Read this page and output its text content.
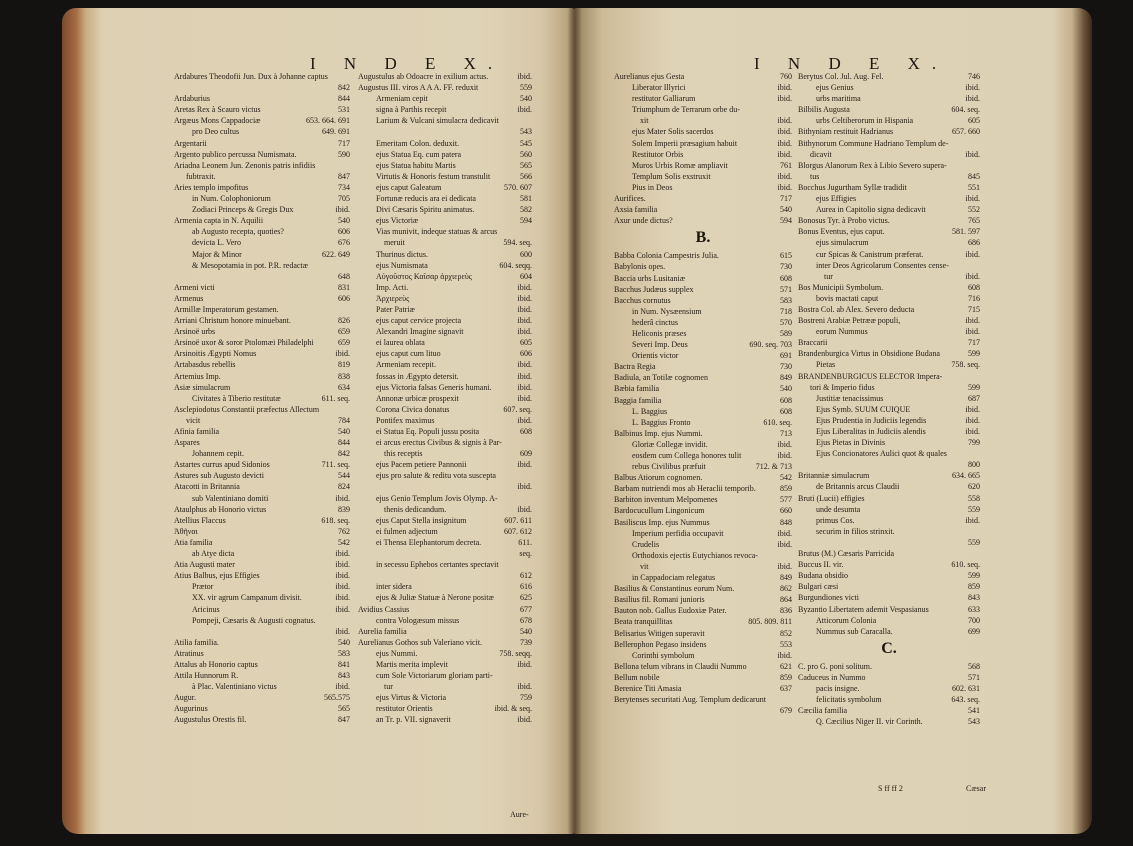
I N D E X.
Ardabures Theodofii Jun. Dux à Johanne captus
842
Ardaburius	844
Aretas Rex à Scauro victus	531
Argæus Mons Cappadociæ	653. 664. 691
pro Deo cultus	649. 691
Argentarii	717
Argento publico percussa Numismata.	590
Ariadna Leonem Jun. Zenonis patris infidiis
fubtraxit.	847
Aries templo impofitus	734
in Num. Colophoniorum	705
Zodiaci Princeps & Gregis Dux	ibid.
Armenia capta in N. Aquilii	540
ab Augusto recepta, quoties?	606
devicta L. Vero	676
Major & Minor	622. 649
& Mesopotamia in pot. P.R. redactæ
648
Armeni victi	831
Armenus	606
Armillæ Imperatorum gestamen.
Arriani Christum honore minuebant.	826
Arsinoë urbs	659
Arsinoë uxor & soror Ptolomæi Philadelphi	659
Arsinoitis Ægypti Nomus	ibid.
Artabasdus rebellis	819
Artemius Imp.	838
Asiæ simulacrum	634
Civitates à Tiberio restitutæ	611. seq.
Asclepiodotus Constantii præfectus Allectum
vicit	784
Afinia familia	540
Aspares	844
Johannem cepit.	842
Astartes currus apud Sidonios	711. seq.
Astures sub Augusto devicti	544
Atacotti in Britannia	824
sub Valentiniano domiti	ibid.
Ataulphus ab Honorio victus	839
Atellius Flaccus	618. seq.
Ἀθῆναι	762
Atia familia	542
ab Atye dicta	ibid.
Atia Augusti mater	ibid.
Atius Balbus, ejus Effigies	ibid.
Prætor	ibid.
XX. vir agrum Campanum divisit.	ibid.
Aricinus	ibid.
Pompeji, Cæsaris & Augusti cognatus.
ibid.
Atilia familia.	540
Atratinus	583
Attalus ab Honorio captus	841
Attila Hunnorum R.	843
à Plac. Valentiniano victus	ibid.
Augur.	565.575
Augurinus	565
Augustulus Orestis fil.	847
Augustulus ab Odoacre in exilium actus.	ibid.
Augustus III. viros A A A. FF. reduxit	559
Armeniam cepit	540
signa à Parthis recepit	ibid.
Larium & Vulcani simulacra dedicavit
543
Emeritam Colon. deduxit.	545
ejus Statua Eq. cum patera	560
ejus Statua habitu Martis	565
Virtutis & Honoris festum transtulit	566
ejus caput Galeatum	570. 607
Fortunæ reducis ara ei dedicata	581
Divi Cæsaris Spiritu animatus.	582
ejus Victoriæ	594
Vias munivit, indeque statuas & arcus
meruit	594. seq.
Thurinus dictus.	600
ejus Numismata	604. seqq.
Αὐγοῦστος Καῖσαρ ἀρχιερεὺς	604
Imp. Acti.	ibid.
Ἀρχιερεὺς	ibid.
Pater Patriæ	ibid.
ejus caput cervice projecta	ibid.
Alexandri Imagine signavit	ibid.
ei laurea oblata	605
ejus caput cum lituo	606
Armeniam recepit.	ibid.
fossas in Ægypto detersit.	ibid.
ejus Victoria falsas Generis humani.	ibid.
Annonæ urbicæ prospexit	ibid.
Corona Civica donatus	607. seq.
Pontifex maximus	ibid.
ei Statua Eq. Populi jussu posita	608
ei arcus erectus Civibus & signis à Par-
this receptis	609
ejus Pacem petiere Pannonii	ibid.
ejus pro salute & reditu vota suscepta
ibid.
ejus Genio Templum Jovis Olymp. A-
thenis dedicandum.	ibid.
ejus Caput Stella insignitum	607. 611
ei fulmen adjectum	607. 612
ei Thensa Elephantorum decreta.	611.
seq.
in secessu Ephebos certantes spectavit
612
inter sidera	616
ejus & Juliæ Statuæ à Nerone positæ	625
Avidius Cassius	677
contra Vologæsum missus	678
Aurelia familia	540
Aurelianus Gothos sub Valeriano vicit.	739
ejus Nummi.	758. seqq.
Martis merita implevit	ibid.
cum Sole Victoriarum gloriam parti-
tur	ibid.
ejus Virtus & Victoria	759
restitutor Orientis	ibid. & seq.
an Tr. p. VII. signaverit	ibid.
Aure-
I N D E X.
Aurelianus ejus Gesta	760
Liberator Illyrici	ibid.
restitutor Galliarum	ibid.
Triumphum de Terrarum orbe du-
xit	ibid.
ejus Mater Solis sacerdos	ibid.
Solem Imperii præsagium habuit	ibid.
Restitutor Orbis	ibid.
Muros Urbis Romæ ampliavit	761
Templum Solis exstruxit	ibid.
Pius in Deos	ibid.
Aurifices.	717
Axsia familia	540
Axur unde dictus?	594
B.
Babba Colonia Campestris Julia.	615
Babylonis opes.	730
Baccia urbs Lusitaniæ	608
Bacchus Judæus supplex	571
Bacchus cornutus	583
in Num. Nysæensium	718
hederâ cinctus	570
Heliconis præses	589
Severi Imp. Deus	690. seq. 703
Orientis victor	691
Bactra Regia	730
Badiula, an Totilæ cognomen	849
Bæbia familia	540
Baggia familia	608
L. Baggius	608
L. Baggius Fronto	610. seq.
Balbinus Imp. ejus Nummi.	713
Gloriæ Collegæ invidit.	ibid.
eosdem cum Collega honores tulit	ibid.
rebus Civilibus præfuit	712. & 713
Balbus Atiorum cognomen.	542
Barbam nutriendi mos ab Heraclii temporib.	859
Barbiton inventum Melpomenes	577
Bardocucullum Lingonicum	660
Basiliscus Imp. ejus Nummus	848
Imperium perfidia occupavit	ibid.
Crudelis	ibid.
Orthodoxis ejectis Eutychianos revoca-
vit	ibid.
in Cappadociam relegatus	849
Basilius & Constantinus eorum Num.	862
Basilius fil. Romani junioris	864
Bauton nob. Gallus Eudoxiæ Pater.	836
Beata tranquillitas	805. 809. 811
Belisarius Witigen superavit	852
Bellerophon Pegaso insidens	553
Corinthi symbolum	ibid.
Bellona telum vibrans in Claudii Nummo	621
Bellum nobile	859
Berenice Titi Amasia	637
Berytenses securitati Aug. Templum dedicarunt
679
Berytus Col. Jul. Aug. Fel.	746
ejus Genius	ibid.
urbs maritima	ibid.
Bilbilis Augusta	604. seq.
urbs Celtiberorum in Hispania	605
Bithyniam restituit Hadrianus	657. 660
Bithynorum Commune Hadriano Templum de-
dicavit	ibid.
Blorgus Alanorum Rex à Libio Severo supera-
tus	845
Bocchus Jugurtham Syllæ tradidit	551
ejus Effigies	ibid.
Aurea in Capitolio signa dedicavit	552
Bonosus Tyr. à Probo victus.	765
Bonus Eventus, ejus caput.	581. 597
ejus simulacrum	686
cur Spicas & Canistrum præferat.	ibid.
inter Deos Agricolarum Consentes cense-
tur	ibid.
Bos Municipii Symbolum.	608
bovis mactati caput	716
Bostra Col. ab Alex. Severo deducta	715
Bostreni Arabiæ Petrææ populi,	ibid.
eorum Nummus	ibid.
Braccarii	717
Brandenburgica Virtus in Obsidione Budana	599
Pietas	758. seq.
BRANDENBURGICUS ELECTOR Impera-
tori & Imperio fidus	599
Justitiæ tenacissimus	687
Ejus Symb. SUUM CUIQUE	ibid.
Ejus Prudentia in Judiciis legendis	ibid.
Ejus Liberalitas in Judiciis alendis	ibid.
Ejus Pietas in Divinis	799
Ejus Concionatores Aulici quot & quales
800
Britanniæ simulacrum	634. 665
de Britannis arcus Claudii	620
Bruti (Lucii) effigies	558
unde desumta	559
primus Cos.	ibid.
securim in filios strinxit.
559
Brutus (M.) Cæsaris Parricida
Buccus II. vir.	610. seq.
Budana obsidio	599
Bulgari cæsi	859
Burgundiones victi	843
Byzantio Libertatem ademit Vespasianus	633
Atticorum Colonia	700
Nummus sub Caracalla.	699
C.
C. pro G. poni solitum.	568
Caduceus in Nummo	571
pacis insigne.	602. 631
felicitatis symbolum	643. seq.
Cæcilia familia	541
Q. Cæcilius Niger II. vir Corinth.	543
S ff ff 2	Cæsar
